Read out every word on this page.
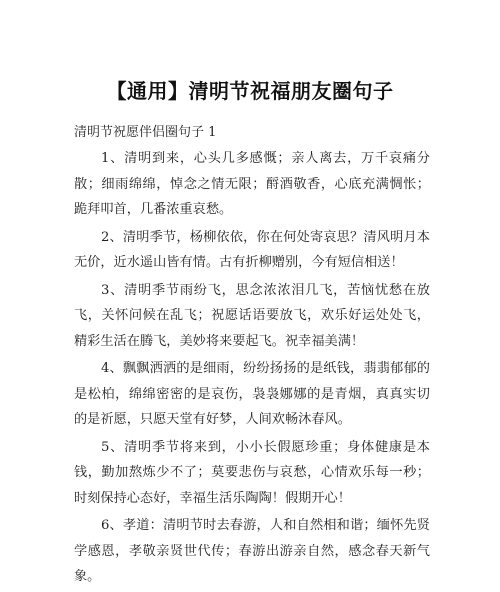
【通用】清明节祝福朋友圈句子
清明节祝愿伴侣圈句子 1

1、清明到来，心头几多感慨；亲人离去，万千哀痛分散；细雨绵绵，悼念之情无限；酹酒敬香，心底充满惆怅；跪拜叩首，几番浓重哀愁。

2、清明季节，杨柳依依，你在何处寄哀思？清风明月本无价，近水遥山皆有情。古有折柳赠别，今有短信相送！

3、清明季节雨纷飞，思念浓浓泪几飞，苦恼忧愁在放飞，关怀问候在乱飞；祝愿话语要放飞，欢乐好运处处飞，精彩生活在腾飞，美妙将来要起飞。祝幸福美满！

4、飘飘洒洒的是细雨，纷纷扬扬的是纸钱，翡翡郁郁的是松柏，绵绵密密的是哀伤，袅袅娜娜的是青烟，真真实切的是祈愿，只愿天堂有好梦，人间欢畅沐春风。

5、清明季节将来到，小小长假愿珍重；身体健康是本钱，勤加熬炼少不了；莫要悲伤与哀愁，心情欢乐每一秒；时刻保持心态好，幸福生活乐陶陶！假期开心！

6、孝道：清明节时去春游，人和自然相和谐；缅怀先贤学感恩，孝敬亲贤世代传；春游出游亲自然，感念春天新气象。
